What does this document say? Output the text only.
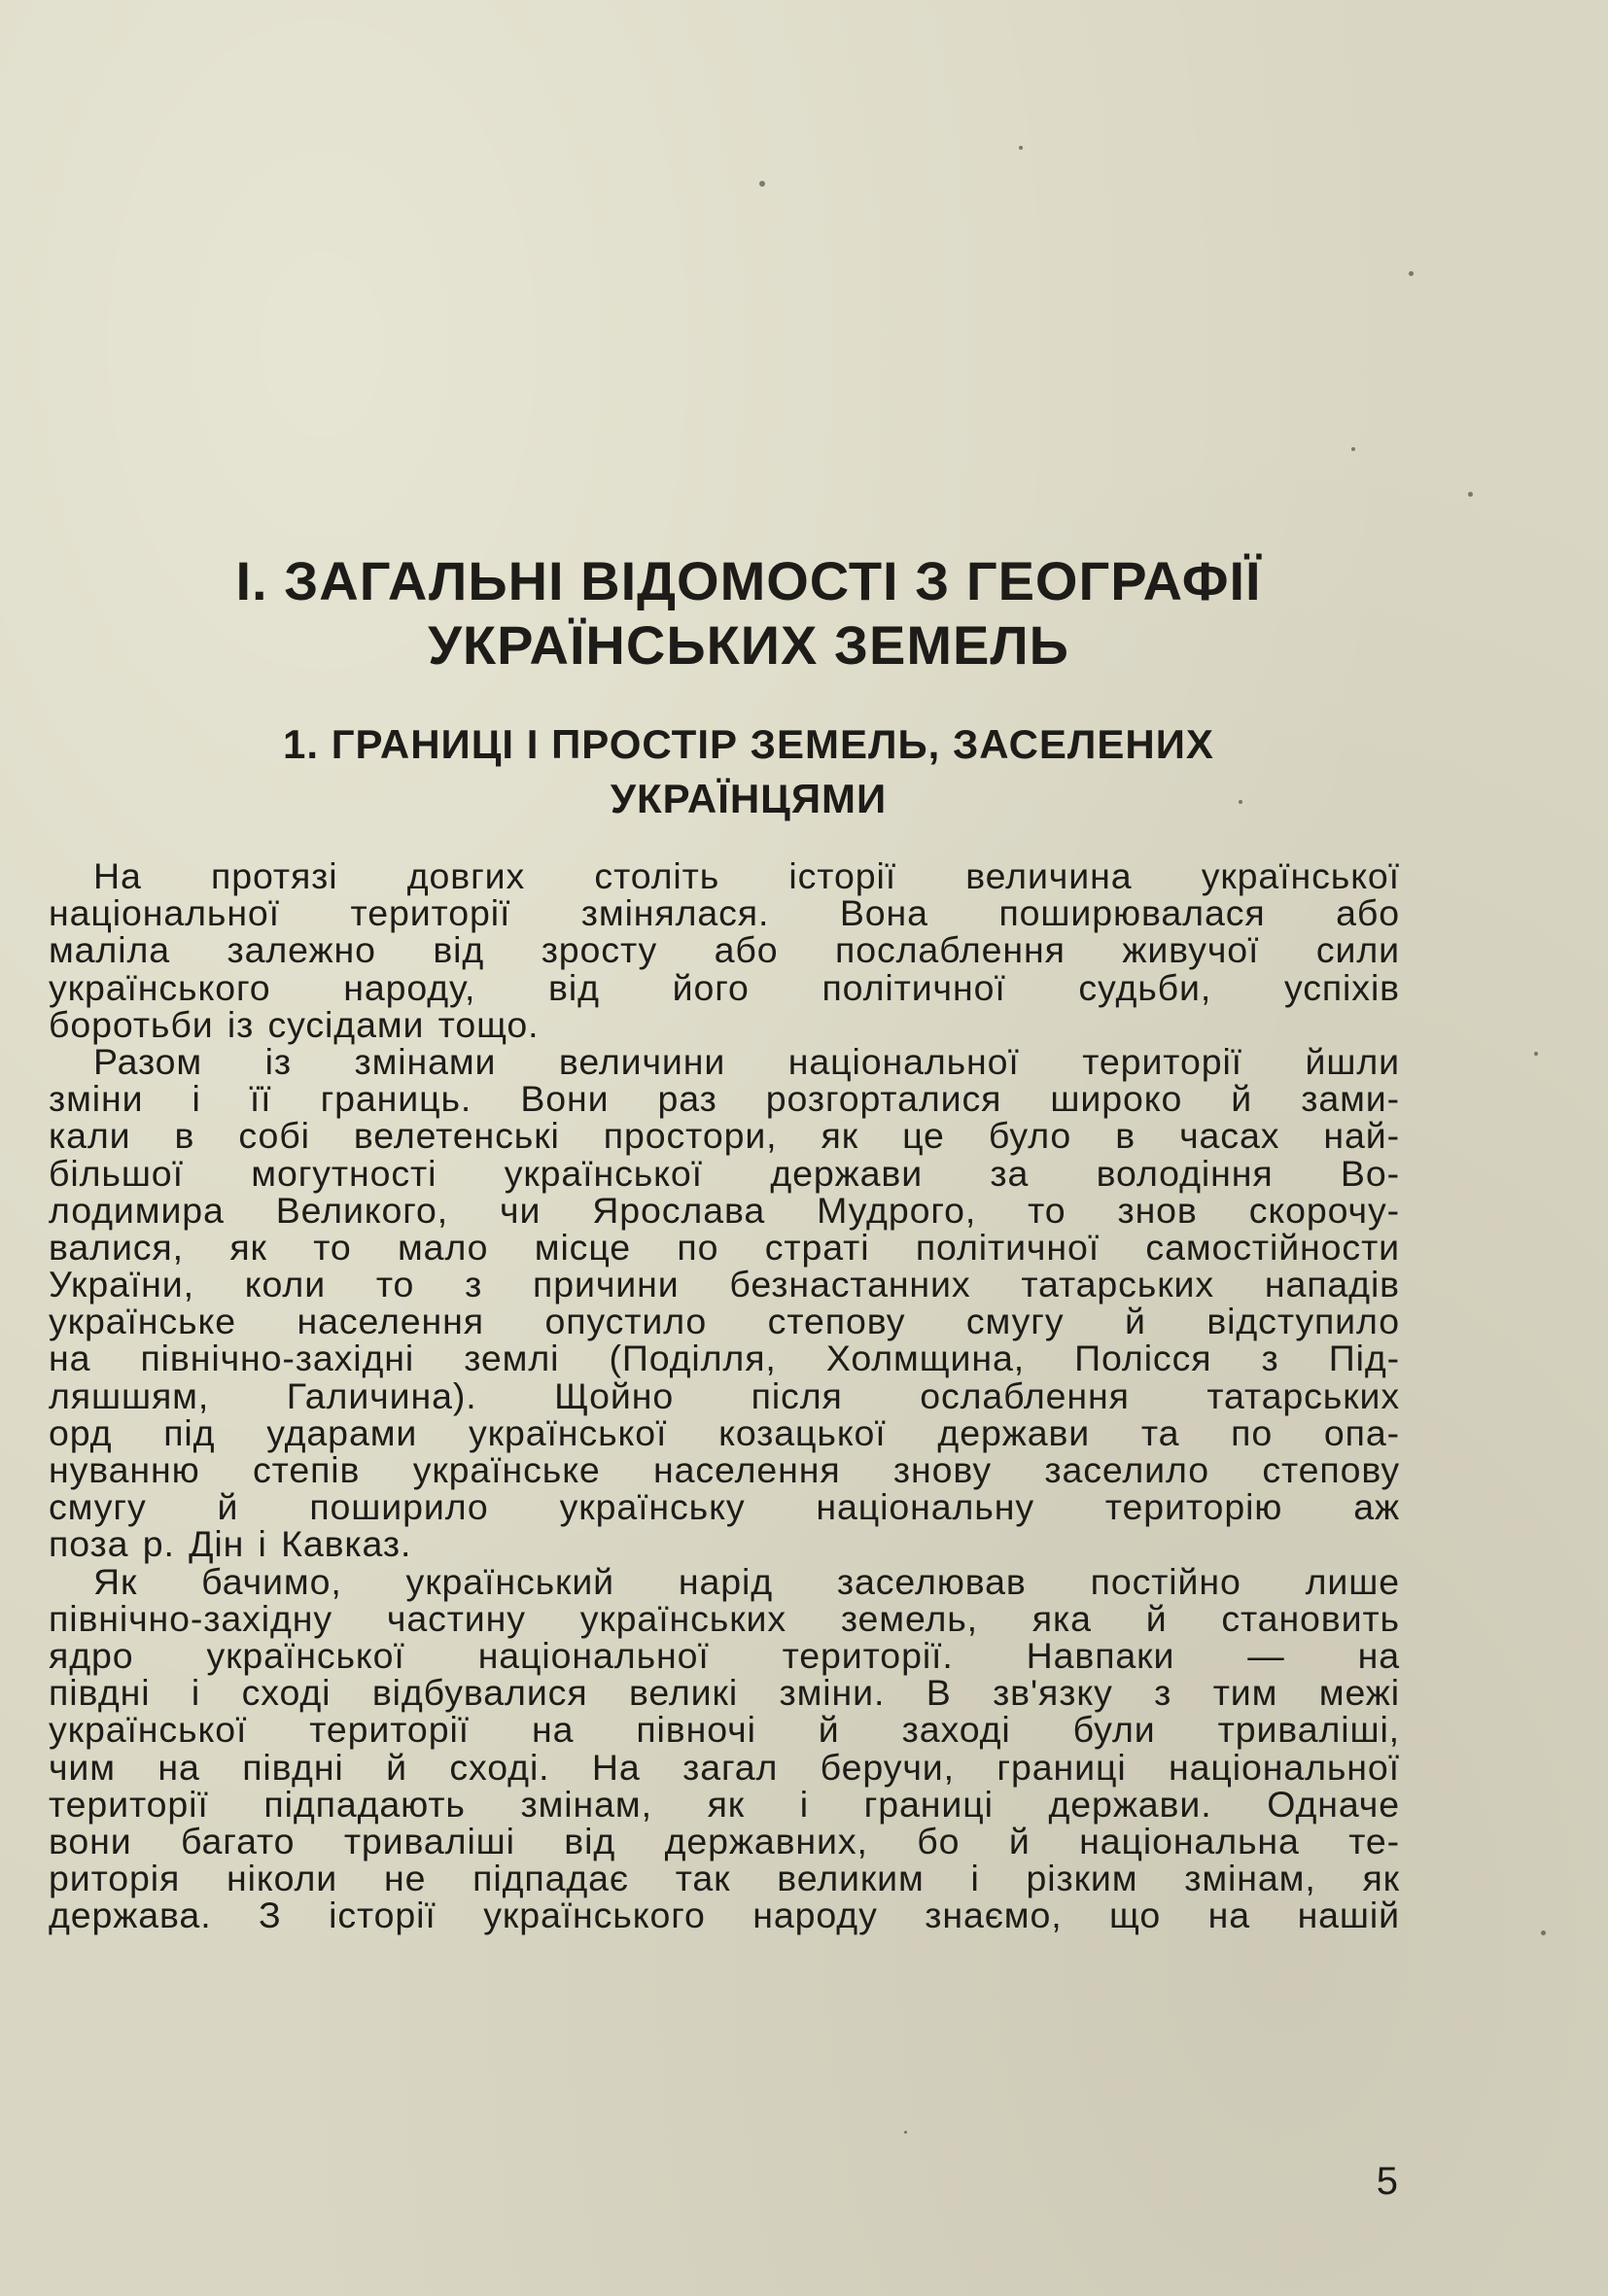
I. ЗАГАЛЬНІ ВІДОМОСТІ З ГЕОГРАФІЇ
УКРАЇНСЬКИХ ЗЕМЕЛЬ
1. ГРАНИЦІ І ПРОСТІР ЗЕМЕЛЬ, ЗАСЕЛЕНИХ
УКРАЇНЦЯМИ
На протязі довгих століть історії величина української
національної території змінялася. Вона поширювалася або
маліла залежно від зросту або послаблення живучої сили
українського народу, від його політичної судьби, успіхів
боротьби із сусідами тощо.
Разом із змінами величини національної території йшли
зміни і її границь. Вони раз розгорталися широко й зами-
кали в собі велетенські простори, як це було в часах най-
більшої могутності української держави за володіння Во-
лодимира Великого, чи Ярослава Мудрого, то знов скорочу-
валися, як то мало місце по страті політичної самостійности
України, коли то з причини безнастанних татарських нападів
українське населення опустило степову смугу й відступило
на північно-західні землі (Поділля, Холмщина, Полісся з Під-
ляшшям, Галичина). Щойно після ослаблення татарських
орд під ударами української козацької держави та по опа-
нуванню степів українське населення знову заселило степову
смугу й поширило українську національну територію аж
поза р. Дін і Кавказ.
Як бачимо, український нарід заселював постійно лише
північно-західну частину українських земель, яка й становить
ядро української національної території. Навпаки — на
півдні і сході відбувалися великі зміни. В зв'язку з тим межі
української території на півночі й заході були триваліші,
чим на півдні й сході. На загал беручи, границі національної
території підпадають змінам, як і границі держави. Одначе
вони багато триваліші від державних, бо й національна те-
риторія ніколи не підпадає так великим і різким змінам, як
держава. З історії українського народу знаємо, що на нашій

5
